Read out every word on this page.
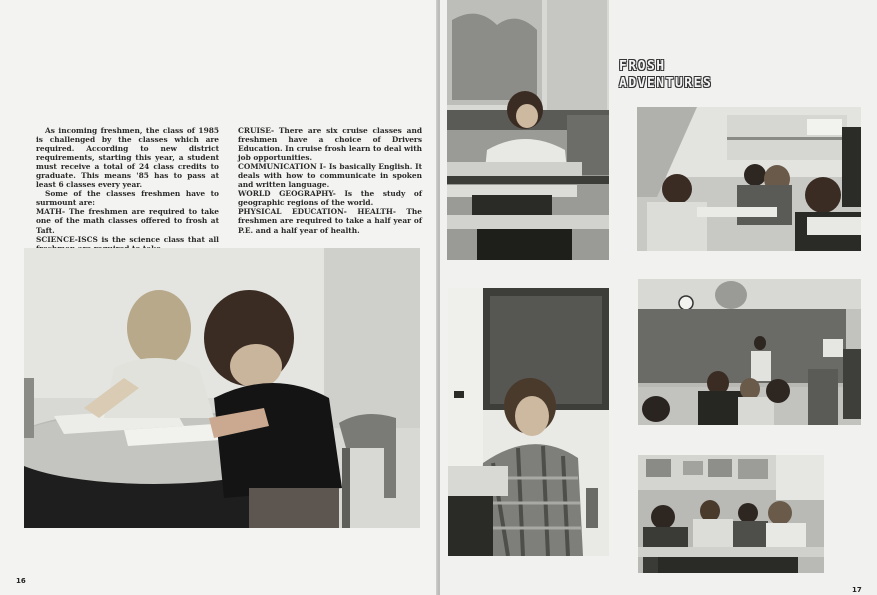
As incoming freshmen, the class of 1985 is challenged by the classes which are required. According to new district requirements, starting this year, a student must receive a total of 24 class credits to graduate. This means '85 has to pass at least 6 classes every year.

Some of the classes freshmen have to surmount are:

MATH- The freshmen are required to take one of the math classes offered to frosh at Taft.

SCIENCE-ISCS is the science class that all

CRUISE- There are six cruise classes and freshmen have a choice of Drivers Education. In cruise frosh learn to deal with job opportunities.

COMMUNICATION I- Is basically English. It deals with how to communicate in spoken and written language.

WORLD GEOGRAPHY- Is the study of geographic regions of the world.

PHYSICAL EDUCATION- HEALTH- The freshmen are required to take a half year of P.E. and a half year of health.

16
17
FROSH
ADVENTURES
